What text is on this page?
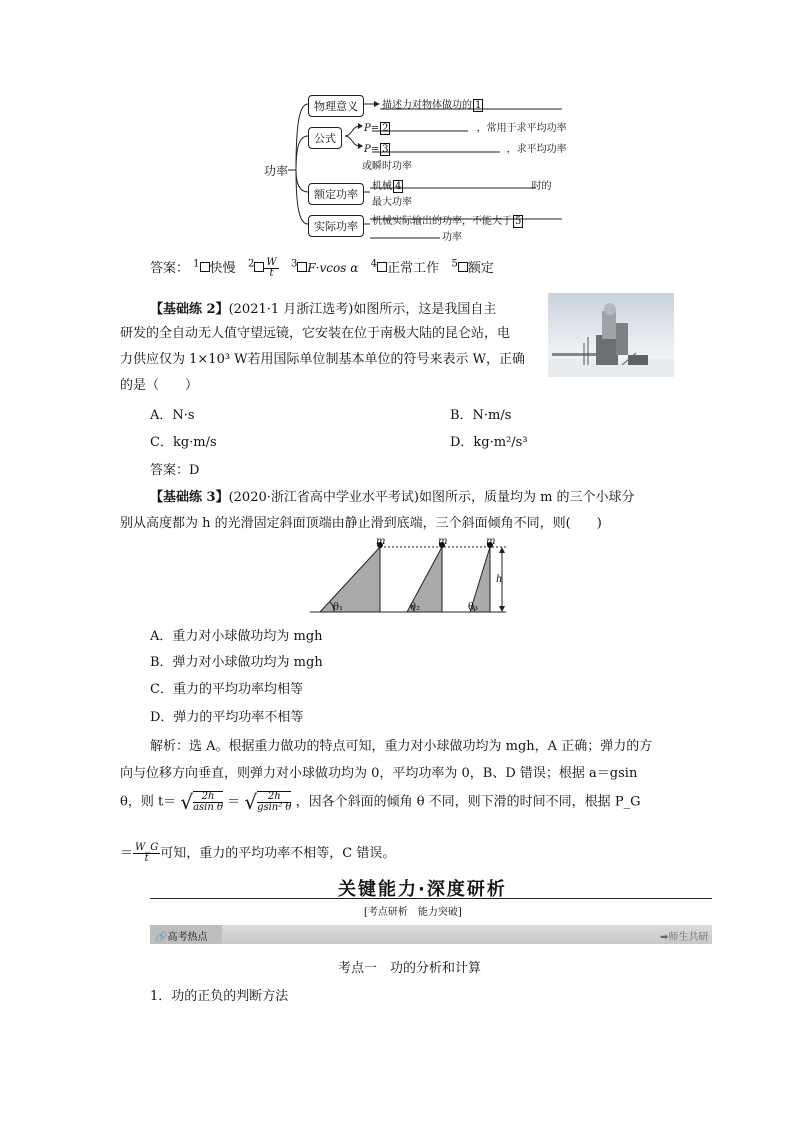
功率
物理意义
公式
额定功率
实际功率
描述力对物体做功的 1
P= 2	，常用于求平均功率
P= 3	，求平均功率
或瞬时功率
机械 4	时的
最大功率
机械实际输出的功率，不能大于 5
功率
答案： $^1$ 快慢 $^2 \frac{W}{t} ^3$ F·vcos α $^4$ 正常工作 $^5$ 额定
【基础练 2】(2021·1 月浙江选考)如图所示，这是我国自主
研发的全自动无人值守望远镜，它安装在位于南极大陆的昆仑站，电
力供应仅为 1×10³ W若用国际单位制基本单位的符号来表示 W，正确
的是（　　）
A．N·s	B．N·m/s
C．kg·m/s	D．kg·m²/s³
答案：D
【基础练 3】(2020·浙江省高中学业水平考试)如图所示，质量均为 m 的三个小球分
别从高度都为 h 的光滑固定斜面顶端由静止滑到底端，三个斜面倾角不同，则(　　)
m	m	m
h
θ₁	θ₂	θ₃
A．重力对小球做功均为 mgh
B．弹力对小球做功均为 mgh
C．重力的平均功率均相等
D．弹力的平均功率不相等
解析：选 A。根据重力做功的特点可知，重力对小球做功均为 mgh，A 正确；弹力的方
向与位移方向垂直，则弹力对小球做功均为 0，平均功率为 0，B、D 错误；根据 a＝gsin
θ，则 t＝ √ $\frac{2h}{\text{asin θ}}$ ＝ √ $\frac{2h}{\text{gsin² θ}}$ ，因各个斜面的倾角 θ 不同，则下滑的时间不同，根据 P_G
＝ $\frac{W\_G}{t}$ 可知，重力的平均功率不相等，C 错误。
关键能力·深度研析
[考点研析　能力突破]
🔗高考热点	➡师生共研
考点一　功的分析和计算
1．功的正负的判断方法
